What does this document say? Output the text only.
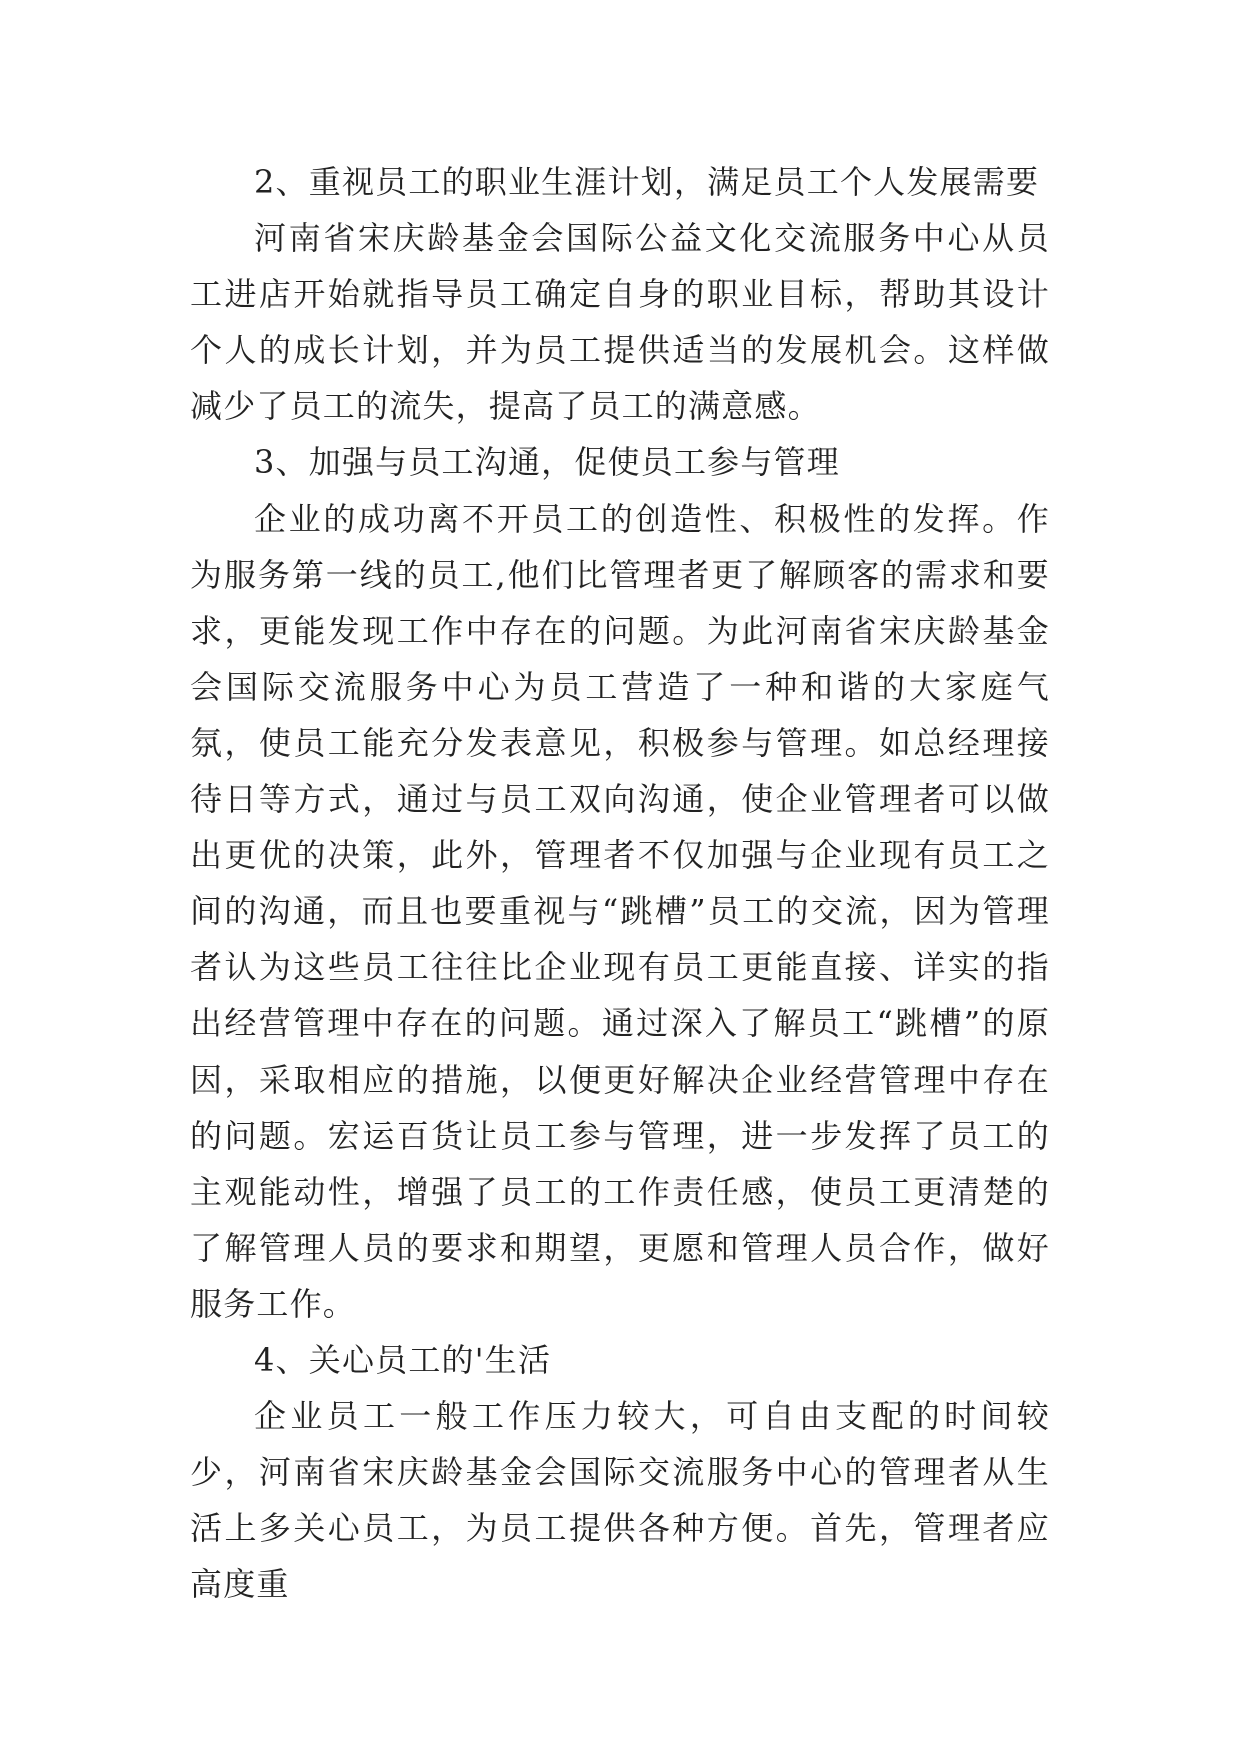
2、重视员工的职业生涯计划，满足员工个人发展需要

河南省宋庆龄基金会国际公益文化交流服务中心从员工进店开始就指导员工确定自身的职业目标，帮助其设计个人的成长计划，并为员工提供适当的发展机会。这样做减少了员工的流失，提高了员工的满意感。

3、加强与员工沟通，促使员工参与管理

企业的成功离不开员工的创造性、积极性的发挥。作为服务第一线的员工,他们比管理者更了解顾客的需求和要求，更能发现工作中存在的问题。为此河南省宋庆龄基金会国际交流服务中心为员工营造了一种和谐的大家庭气氛，使员工能充分发表意见，积极参与管理。如总经理接待日等方式，通过与员工双向沟通，使企业管理者可以做出更优的决策，此外，管理者不仅加强与企业现有员工之间的沟通，而且也要重视与“跳槽”员工的交流，因为管理者认为这些员工往往比企业现有员工更能直接、详实的指出经营管理中存在的问题。通过深入了解员工“跳槽”的原因，采取相应的措施，以便更好解决企业经营管理中存在的问题。宏运百货让员工参与管理，进一步发挥了员工的主观能动性，增强了员工的工作责任感，使员工更清楚的了解管理人员的要求和期望，更愿和管理人员合作，做好服务工作。

4、关心员工的'生活

企业员工一般工作压力较大，可自由支配的时间较少，河南省宋庆龄基金会国际交流服务中心的管理者从生活上多关心员工，为员工提供各种方便。首先，管理者应高度重
